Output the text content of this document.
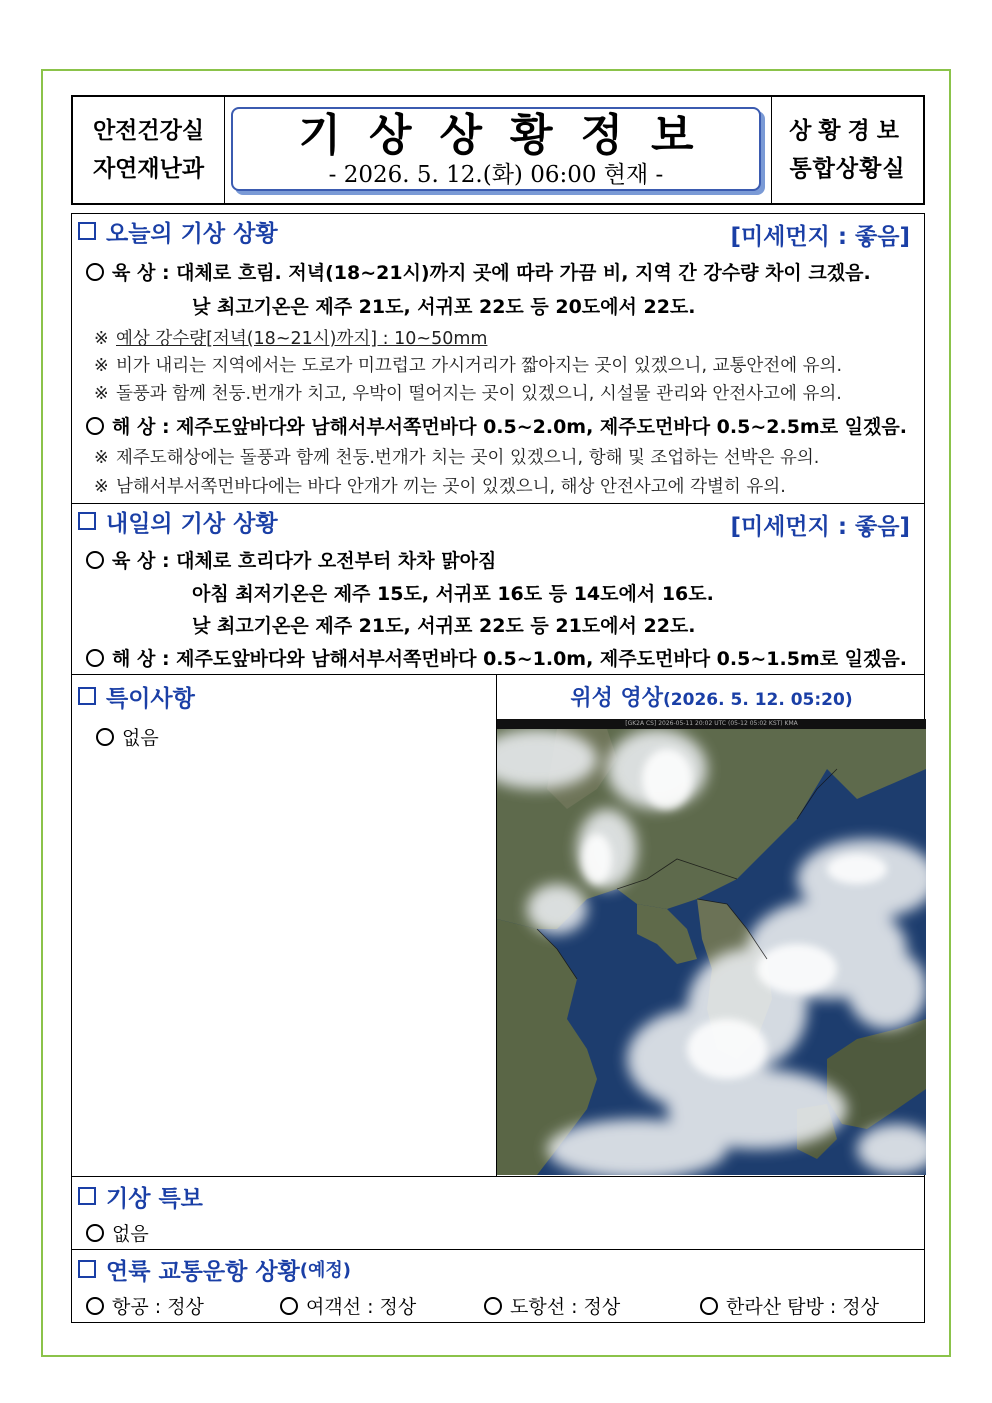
안전건강실
자연재난과
기상상황정보
- 2026. 5. 12.(화) 06:00 현재 -
상황경보
통합상황실
오늘의 기상 상황	[미세먼지 : 좋음]
육 상 : 대체로 흐림. 저녁(18~21시)까지 곳에 따라 가끔 비, 지역 간 강수량 차이 크겠음.
낮 최고기온은 제주 21도, 서귀포 22도 등 20도에서 22도.
※ 예상 강수량[저녁(18~21시)까지] : 10~50mm
※ 비가 내리는 지역에서는 도로가 미끄럽고 가시거리가 짧아지는 곳이 있겠으니, 교통안전에 유의.
※ 돌풍과 함께 천둥.번개가 치고, 우박이 떨어지는 곳이 있겠으니, 시설물 관리와 안전사고에 유의.
해 상 : 제주도앞바다와 남해서부서쪽먼바다 0.5~2.0m, 제주도먼바다 0.5~2.5m로 일겠음.
※ 제주도해상에는 돌풍과 함께 천둥.번개가 치는 곳이 있겠으니, 항해 및 조업하는 선박은 유의.
※ 남해서부서쪽먼바다에는 바다 안개가 끼는 곳이 있겠으니, 해상 안전사고에 각별히 유의.
내일의 기상 상황	[미세먼지 : 좋음]
육 상 : 대체로 흐리다가 오전부터 차차 맑아짐
아침 최저기온은 제주 15도, 서귀포 16도 등 14도에서 16도.
낮 최고기온은 제주 21도, 서귀포 22도 등 21도에서 22도.
해 상 : 제주도앞바다와 남해서부서쪽먼바다 0.5~1.0m, 제주도먼바다 0.5~1.5m로 일겠음.
특이사항
없음
위성 영상(2026. 5. 12. 05:20)
[GK2A CS] 2026-05-11 20:02 UTC (05-12 05:02 KST) KMA
기상 특보
없음
연륙 교통운항 상황 (예정)
항공 : 정상	여객선 : 정상	도항선 : 정상	한라산 탐방 : 정상
